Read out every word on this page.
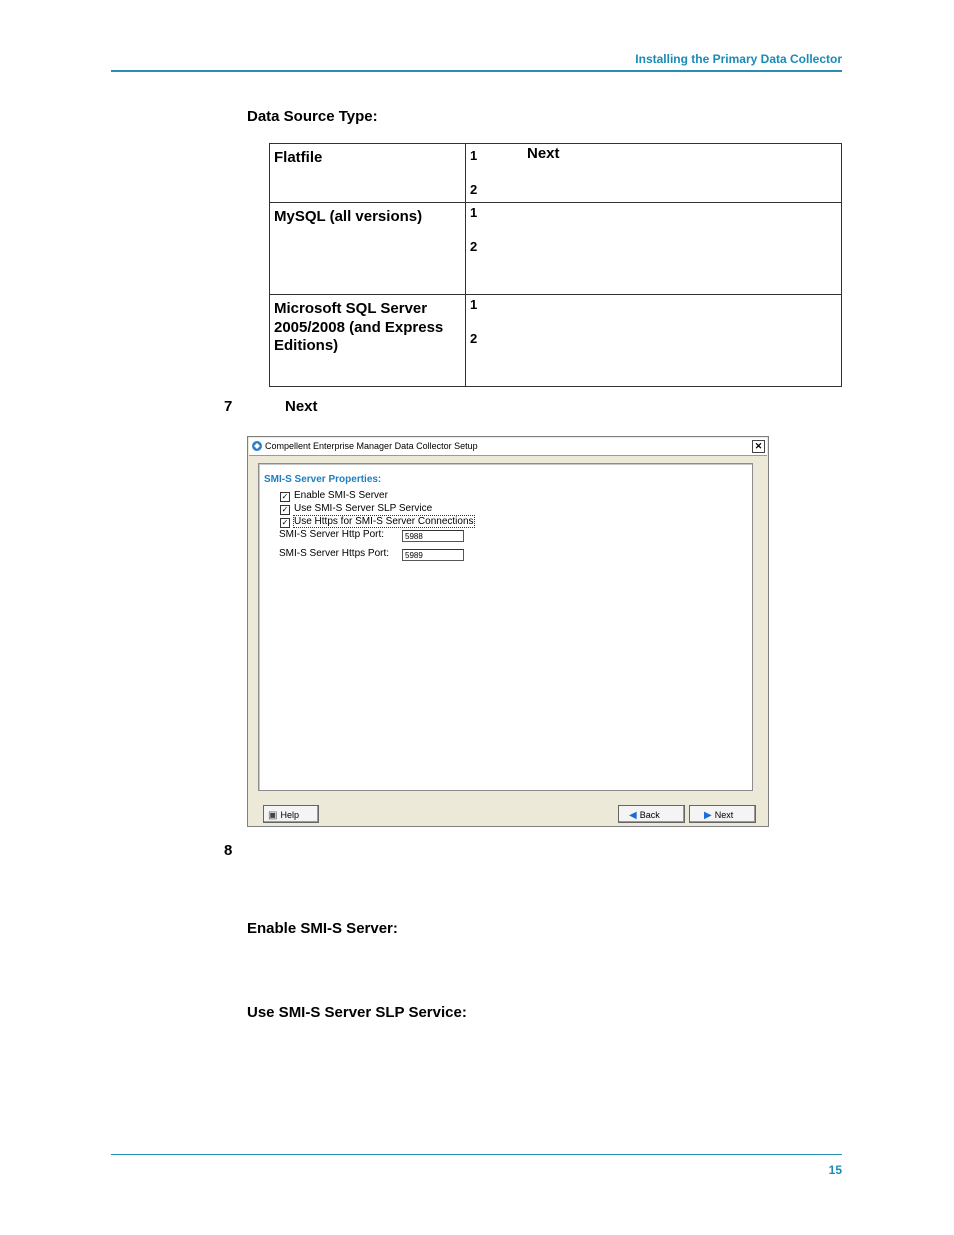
Installing the Primary Data Collector
Data Source Type:
Flatfile	1 Next
2

MySQL (all versions)	1
2

Microsoft SQL Server 2005/2008 (and Express Editions)	1
2
7	Next
Compellent Enterprise Manager Data Collector Setup	✕
SMI-S Server Properties:
✓ Enable SMI-S Server
✓ Use SMI-S Server SLP Service
✓ Use Https for SMI-S Server Connections
SMI-S Server Http Port:	5988
SMI-S Server Https Port:	5989
▣ Help	◀ Back	▶ Next
8
Enable SMI-S Server:
Use SMI-S Server SLP Service:
15
